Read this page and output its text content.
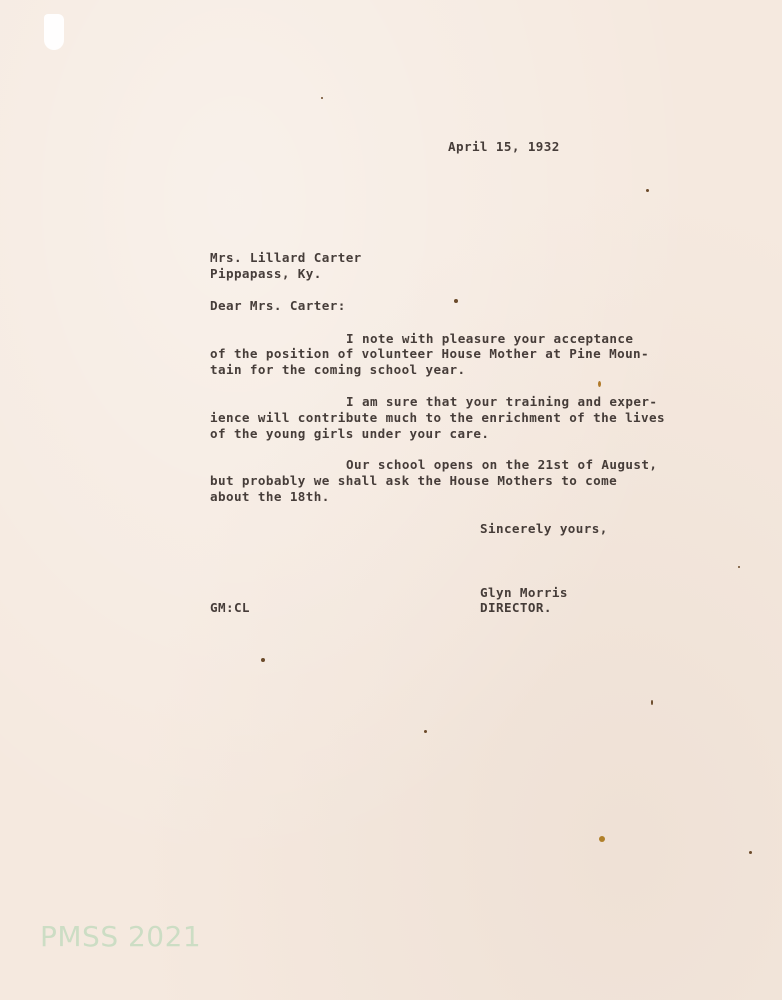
April 15, 1932
Mrs. Lillard Carter
Pippapass, Ky.
Dear Mrs. Carter:
I note with pleasure your acceptance
of the position of volunteer House Mother at Pine Moun-
tain for the coming school year.
I am sure that your training and exper-
ience will contribute much to the enrichment of the lives
of the young girls under your care.
Our school opens on the 21st of August,
but probably we shall ask the House Mothers to come
about the 18th.
Sincerely yours,
Glyn Morris
DIRECTOR.
GM:CL
PMSS 2021
